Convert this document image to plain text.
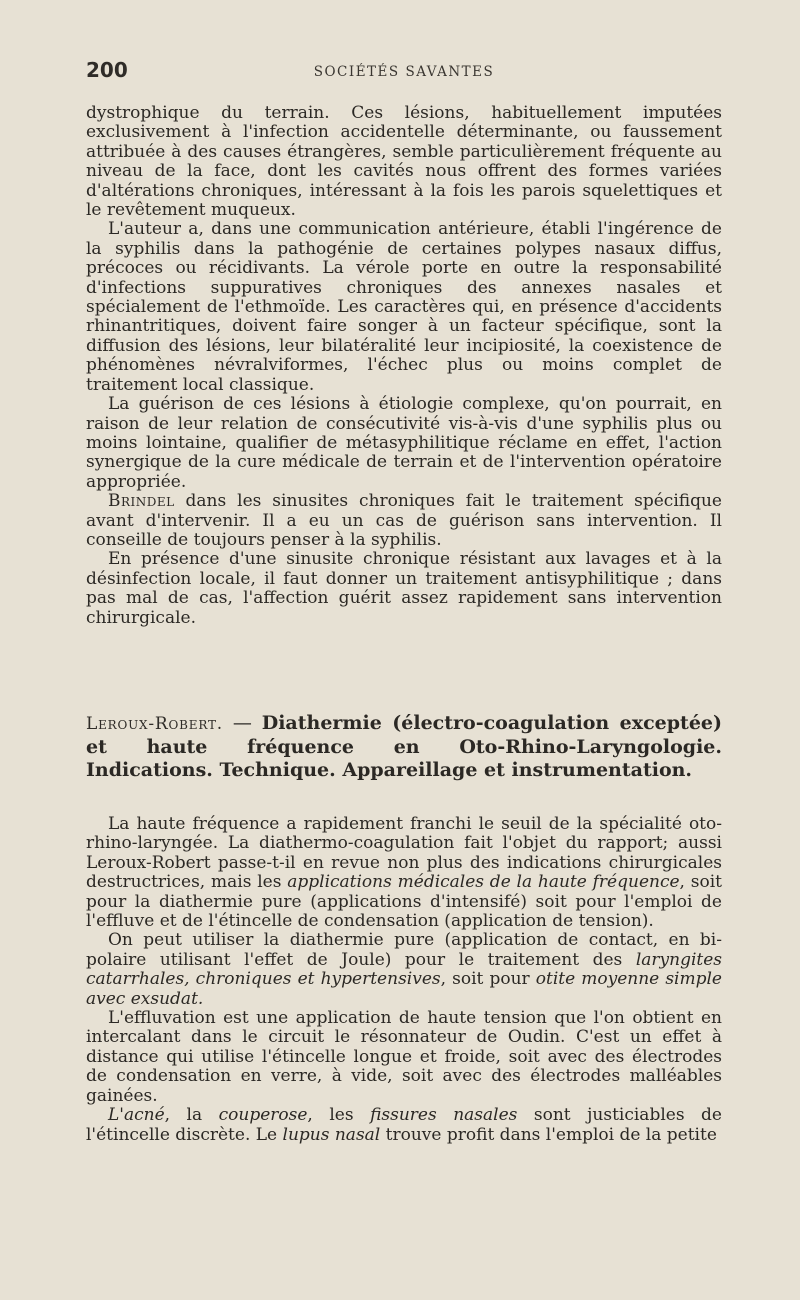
200	SOCIÉTÉS SAVANTES

dystrophique du terrain. Ces lésions, habituellement imputées exclusivement à l'infection accidentelle déterminante, ou faussement attribuée à des causes étrangères, semble particulièrement fréquente au niveau de la face, dont les cavités nous offrent des formes variées d'altérations chroniques, intéressant à la fois les parois squelettiques et le revêtement muqueux.

L'auteur a, dans une communication antérieure, établi l'ingérence de la syphilis dans la pathogénie de certaines polypes nasaux diffus, précoces ou récidivants. La vérole porte en outre la responsabilité d'infections suppuratives chroniques des annexes nasales et spécialement de l'ethmoïde. Les caractères qui, en présence d'accidents rhinantritiques, doivent faire songer à un facteur spécifique, sont la diffusion des lésions, leur bilatéralité leur incipiosité, la coexistence de phénomènes névralviformes, l'échec plus ou moins complet de traitement local classique.

La guérison de ces lésions à étiologie complexe, qu'on pourrait, en raison de leur relation de consécutivité vis-à-vis d'une syphilis plus ou moins lointaine, qualifier de métasyphilitique réclame en effet, l'action synergique de la cure médicale de terrain et de l'intervention opératoire appropriée.

Brindel dans les sinusites chroniques fait le traitement spécifique avant d'intervenir. Il a eu un cas de guérison sans intervention. Il conseille de toujours penser à la syphilis.

En présence d'une sinusite chronique résistant aux lavages et à la désinfection locale, il faut donner un traitement antisyphilitique ; dans pas mal de cas, l'affection guérit assez rapidement sans intervention chirurgicale.

Leroux-Robert. — Diathermie (électro-coagulation exceptée) et haute fréquence en Oto-Rhino-Laryngologie. Indications. Technique. Appareillage et instrumentation.

La haute fréquence a rapidement franchi le seuil de la spécialité oto-rhino-laryngée. La diathermo-coagulation fait l'objet du rapport; aussi Leroux-Robert passe-t-il en revue non plus des indications chirurgicales destructrices, mais les applications médicales de la haute fréquence, soit pour la diathermie pure (applications d'intensifé) soit pour l'emploi de l'effluve et de l'étincelle de condensation (application de tension).

On peut utiliser la diathermie pure (application de contact, en bi-polaire utilisant l'effet de Joule) pour le traitement des laryngites catarrhales, chroniques et hypertensives, soit pour otite moyenne simple avec exsudat.

L'effluvation est une application de haute tension que l'on obtient en intercalant dans le circuit le résonnateur de Oudin. C'est un effet à distance qui utilise l'étincelle longue et froide, soit avec des électrodes de condensation en verre, à vide, soit avec des électrodes malléables gainées.

L'acné, la couperose, les fissures nasales sont justiciables de l'étincelle discrète. Le lupus nasal trouve profit dans l'emploi de la petite
